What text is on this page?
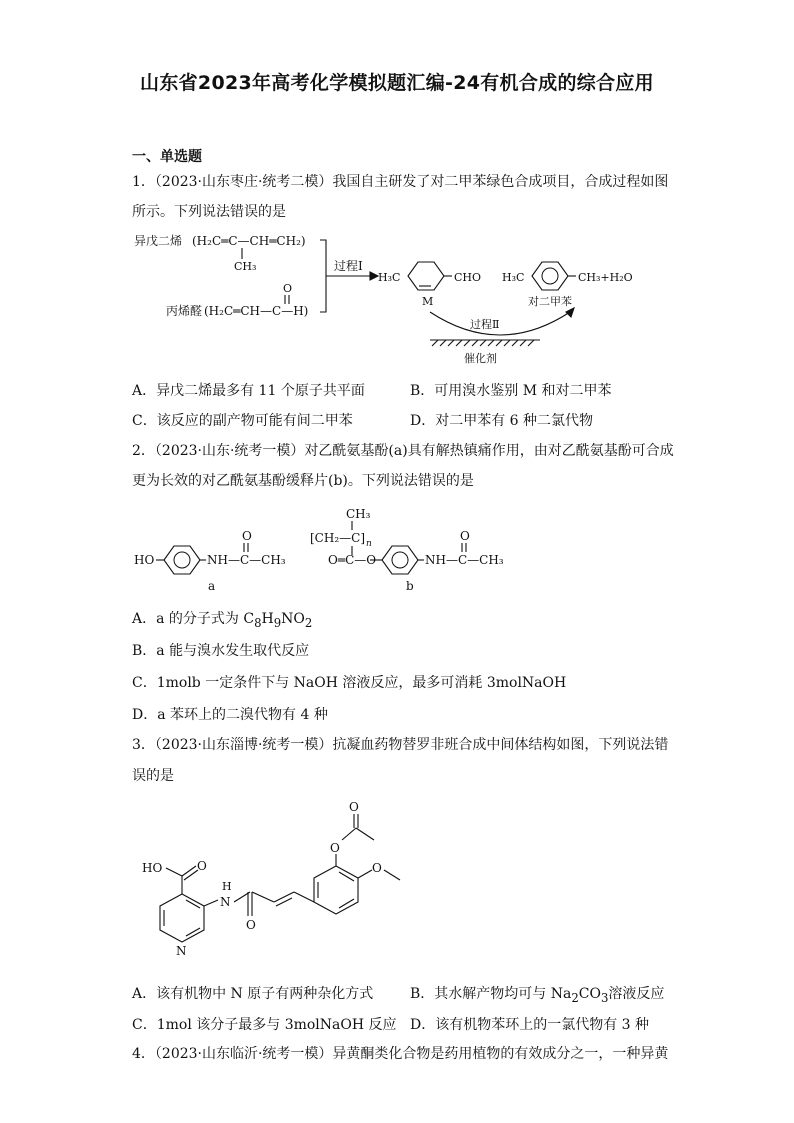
山东省2023年高考化学模拟题汇编-24有机合成的综合应用
一、单选题
1．（2023·山东枣庄·统考二模）我国自主研发了对二甲苯绿色合成项目，合成过程如图
所示。下列说法错误的是
异戊二烯 (H₂C═C—CH═CH₂)
CH₃
丙烯醛 (H₂C═CH—C—H)
O
过程Ⅰ
H₃C	CHO
M
H₃C	CH₃+H₂O
对二甲苯
过程Ⅱ
催化剂
A．异戊二烯最多有 11 个原子共平面	B．可用溴水鉴别 M 和对二甲苯
C．该反应的副产物可能有间二甲苯	D．对二甲苯有 6 种二氯代物
2．（2023·山东·统考一模）对乙酰氨基酚(a)具有解热镇痛作用，由对乙酰氨基酚可合成
更为长效的对乙酰氨基酚缓释片(b)。下列说法错误的是
HO	NH—C—CH₃
O
a
CH₃
[CH₂—C] n
O═C—O	NH—C—CH₃
O
b
A．a 的分子式为 $C_8H_9NO_2$
B．a 能与溴水发生取代反应
C．1molb 一定条件下与 NaOH 溶液反应，最多可消耗 3molNaOH
D．a 苯环上的二溴代物有 4 种
3．（2023·山东淄博·统考一模）抗凝血药物替罗非班合成中间体结构如图，下列说法错
误的是
O
O
O
O
H
N
N
O
HO
A．该有机物中 N 原子有两种杂化方式	B．其水解产物均可与 $Na_2CO_3$溶液反应
C．1mol 该分子最多与 3molNaOH 反应 D．该有机物苯环上的一氯代物有 3 种
4．（2023·山东临沂·统考一模）异黄酮类化合物是药用植物的有效成分之一，一种异黄
